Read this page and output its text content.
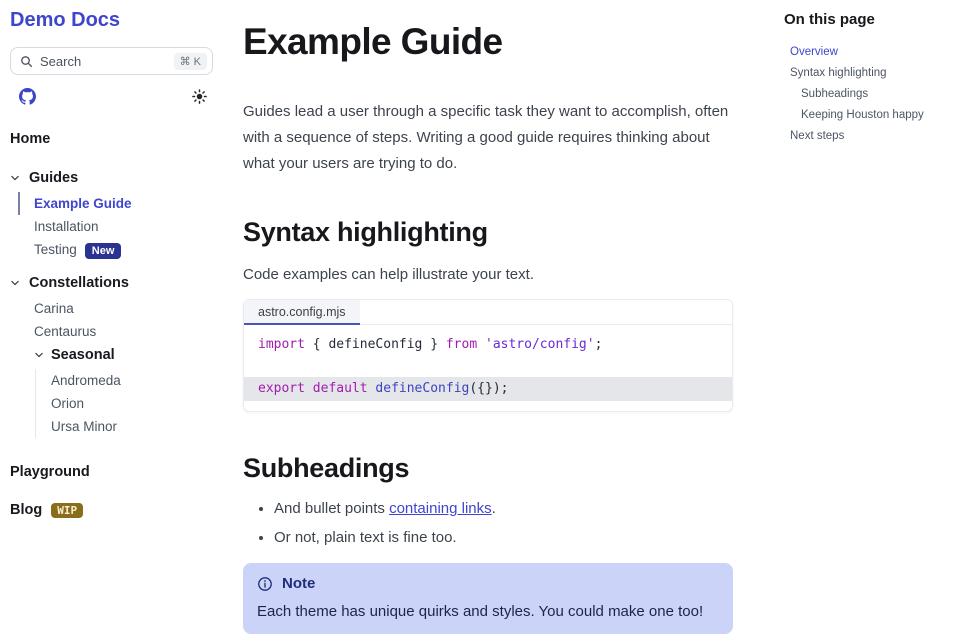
Demo Docs
Search	⌘ K
Home
Guides
Example Guide
Installation
Testing New
Constellations
Carina
Centaurus
Seasonal
Andromeda
Orion
Ursa Minor
Playground
Blog	WIP
Example Guide

Guides lead a user through a specific task they want to accomplish, often with a sequence of steps. Writing a good guide requires thinking about what your users are trying to do.

Syntax highlighting

Code examples can help illustrate your text.

astro.config.mjs
import { defineConfig } from 'astro/config';
export default defineConfig({});
Subheadings
• And bullet points containing links.
• Or not, plain text is fine too.
Note

Each theme has unique quirks and styles. You could make one too!

On this page
Overview
Syntax highlighting
Subheadings
Keeping Houston happy
Next steps
